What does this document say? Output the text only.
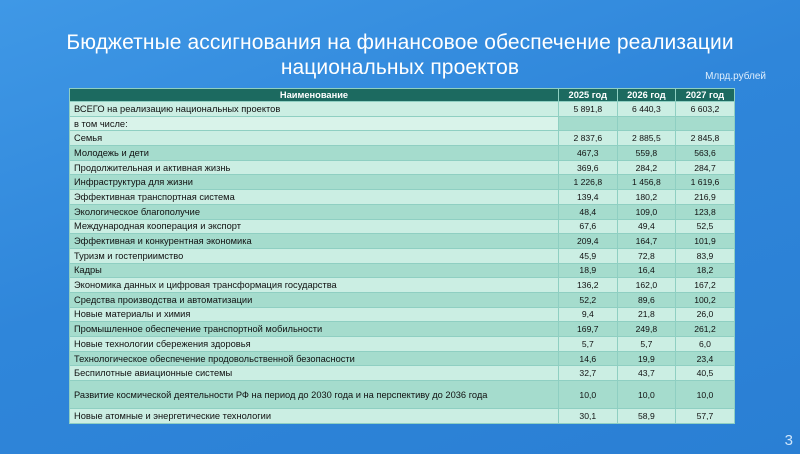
Бюджетные ассигнования на финансовое обеспечение реализации
национальных проектов	Млрд.рублей
Наименование	2025 год	2026 год	2027 год
ВСЕГО на реализацию национальных проектов	5 891,8	6 440,3	6 603,2
в том числе:			
Семья	2 837,6	2 885,5	2 845,8
Молодежь и дети	467,3	559,8	563,6
Продолжительная и активная жизнь	369,6	284,2	284,7
Инфраструктура для жизни	1 226,8	1 456,8	1 619,6
Эффективная транспортная система	139,4	180,2	216,9
Экологическое благополучие	48,4	109,0	123,8
Международная кооперация и экспорт	67,6	49,4	52,5
Эффективная и конкурентная экономика	209,4	164,7	101,9
Туризм и гостеприимство	45,9	72,8	83,9
Кадры	18,9	16,4	18,2
Экономика данных и цифровая трансформация государства	136,2	162,0	167,2
Средства производства и автоматизации	52,2	89,6	100,2
Новые материалы и химия	9,4	21,8	26,0
Промышленное обеспечение транспортной мобильности	169,7	249,8	261,2
Новые технологии сбережения здоровья	5,7	5,7	6,0
Технологическое обеспечение продовольственной безопасности	14,6	19,9	23,4
Беспилотные авиационные системы	32,7	43,7	40,5
Развитие космической деятельности РФ на период до 2030 года и на перспективу до 2036 года	10,0	10,0	10,0
Новые атомные и энергетические технологии	30,1	58,9	57,7
3
